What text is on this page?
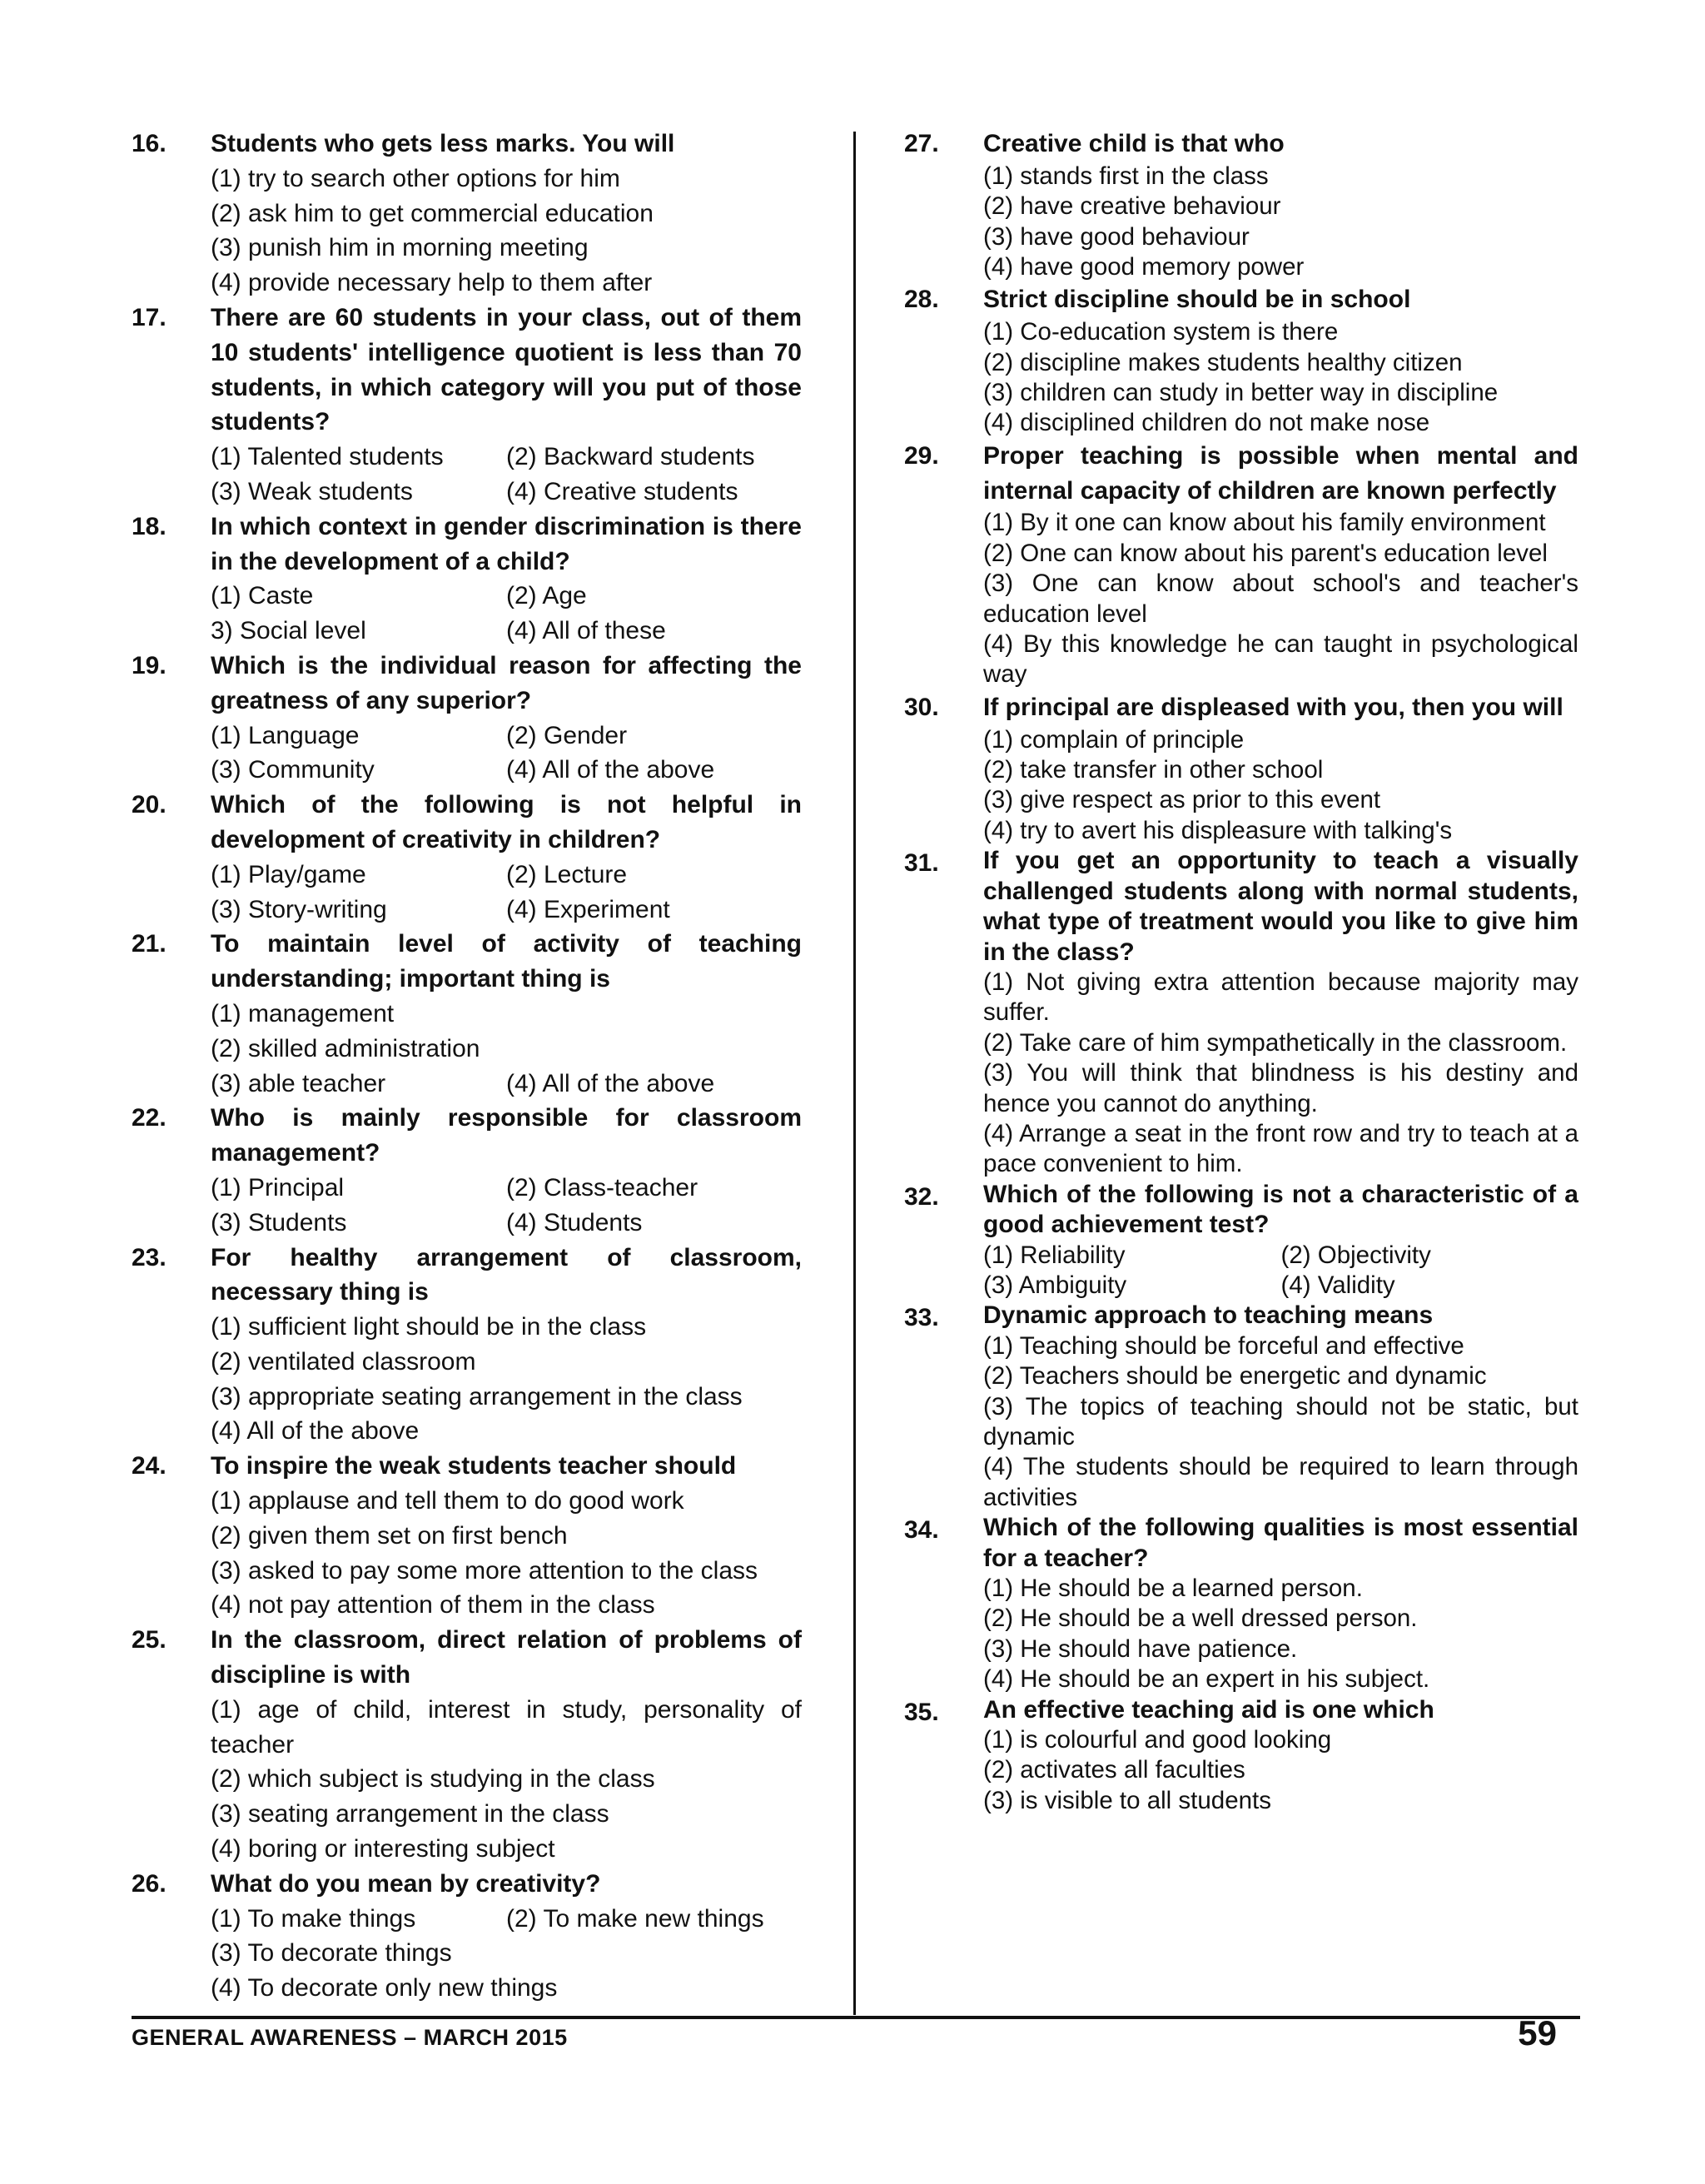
16.	Students who gets less marks. You will
(1) try to search other options for him
(2) ask him to get commercial education
(3) punish him in morning meeting
(4) provide necessary help to them after
17.	There are 60 students in your class, out of them 10 students' intelligence quotient is less than 70 students, in which category will you put of those students?
(1) Talented students	(2) Backward students
(3) Weak students	(4) Creative students
18.	In which context in gender discrimination is there in the development of a child?
(1) Caste	(2) Age
3) Social level	(4) All of these
19.	Which is the individual reason for affecting the greatness of any superior?
(1) Language	(2) Gender
(3) Community	(4) All of the above
20.	Which of the following is not helpful in development of creativity in children?
(1) Play/game	(2) Lecture
(3) Story-writing	(4) Experiment
21.	To maintain level of activity of teaching understanding; important thing is
(1) management
(2) skilled administration
(3) able teacher	(4) All of the above
22.	Who is mainly responsible for classroom management?
(1) Principal	(2) Class-teacher
(3) Students	(4) Students
23.	For healthy arrangement of classroom, necessary thing is
(1) sufficient light should be in the class
(2) ventilated classroom
(3) appropriate seating arrangement in the class
(4) All of the above
24.	To inspire the weak students teacher should
(1) applause and tell them to do good work
(2) given them set on first bench
(3) asked to pay some more attention to the class
(4) not pay attention of them in the class
25.	In the classroom, direct relation of problems of discipline is with
(1) age of child, interest in study, personality of teacher
(2) which subject is studying in the class
(3) seating arrangement in the class
(4) boring or interesting subject
26.	What do you mean by creativity?
(1) To make things	(2) To make new things
(3) To decorate things
(4) To decorate only new things
27.	Creative child is that who
(1) stands first in the class
(2) have creative behaviour
(3) have good behaviour
(4) have good memory power
28.	Strict discipline should be in school
(1) Co-education system is there
(2) discipline makes students healthy citizen
(3) children can study in better way in discipline
(4) disciplined children do not make nose
29.	Proper teaching is possible when mental and internal capacity of children are known perfectly
(1) By it one can know about his family environment
(2) One can know about his parent's education level
(3) One can know about school's and teacher's education level
(4) By this knowledge he can taught in psychological way
30.	If principal are displeased with you, then you will
(1) complain of principle
(2) take transfer in other school
(3) give respect as prior to this event
(4) try to avert his displeasure with talking's
31.	If you get an opportunity to teach a visually challenged students along with normal students, what type of treatment would you like to give him in the class?
(1) Not giving extra attention because majority may suffer.
(2) Take care of him sympathetically in the classroom.
(3) You will think that blindness is his destiny and hence you cannot do anything.
(4) Arrange a seat in the front row and try to teach at a pace convenient to him.
32.	Which of the following is not a characteristic of a good achievement test?
(1) Reliability	(2) Objectivity
(3) Ambiguity	(4) Validity
33.	Dynamic approach to teaching means
(1) Teaching should be forceful and effective
(2) Teachers should be energetic and dynamic
(3) The topics of teaching should not be static, but dynamic
(4) The students should be required to learn through activities
34.	Which of the following qualities is most essential for a teacher?
(1) He should be a learned person.
(2) He should be a well dressed person.
(3) He should have patience.
(4) He should be an expert in his subject.
35.	An effective teaching aid is one which
(1) is colourful and good looking
(2) activates all faculties
(3) is visible to all students
GENERAL AWARENESS – MARCH 2015	59
